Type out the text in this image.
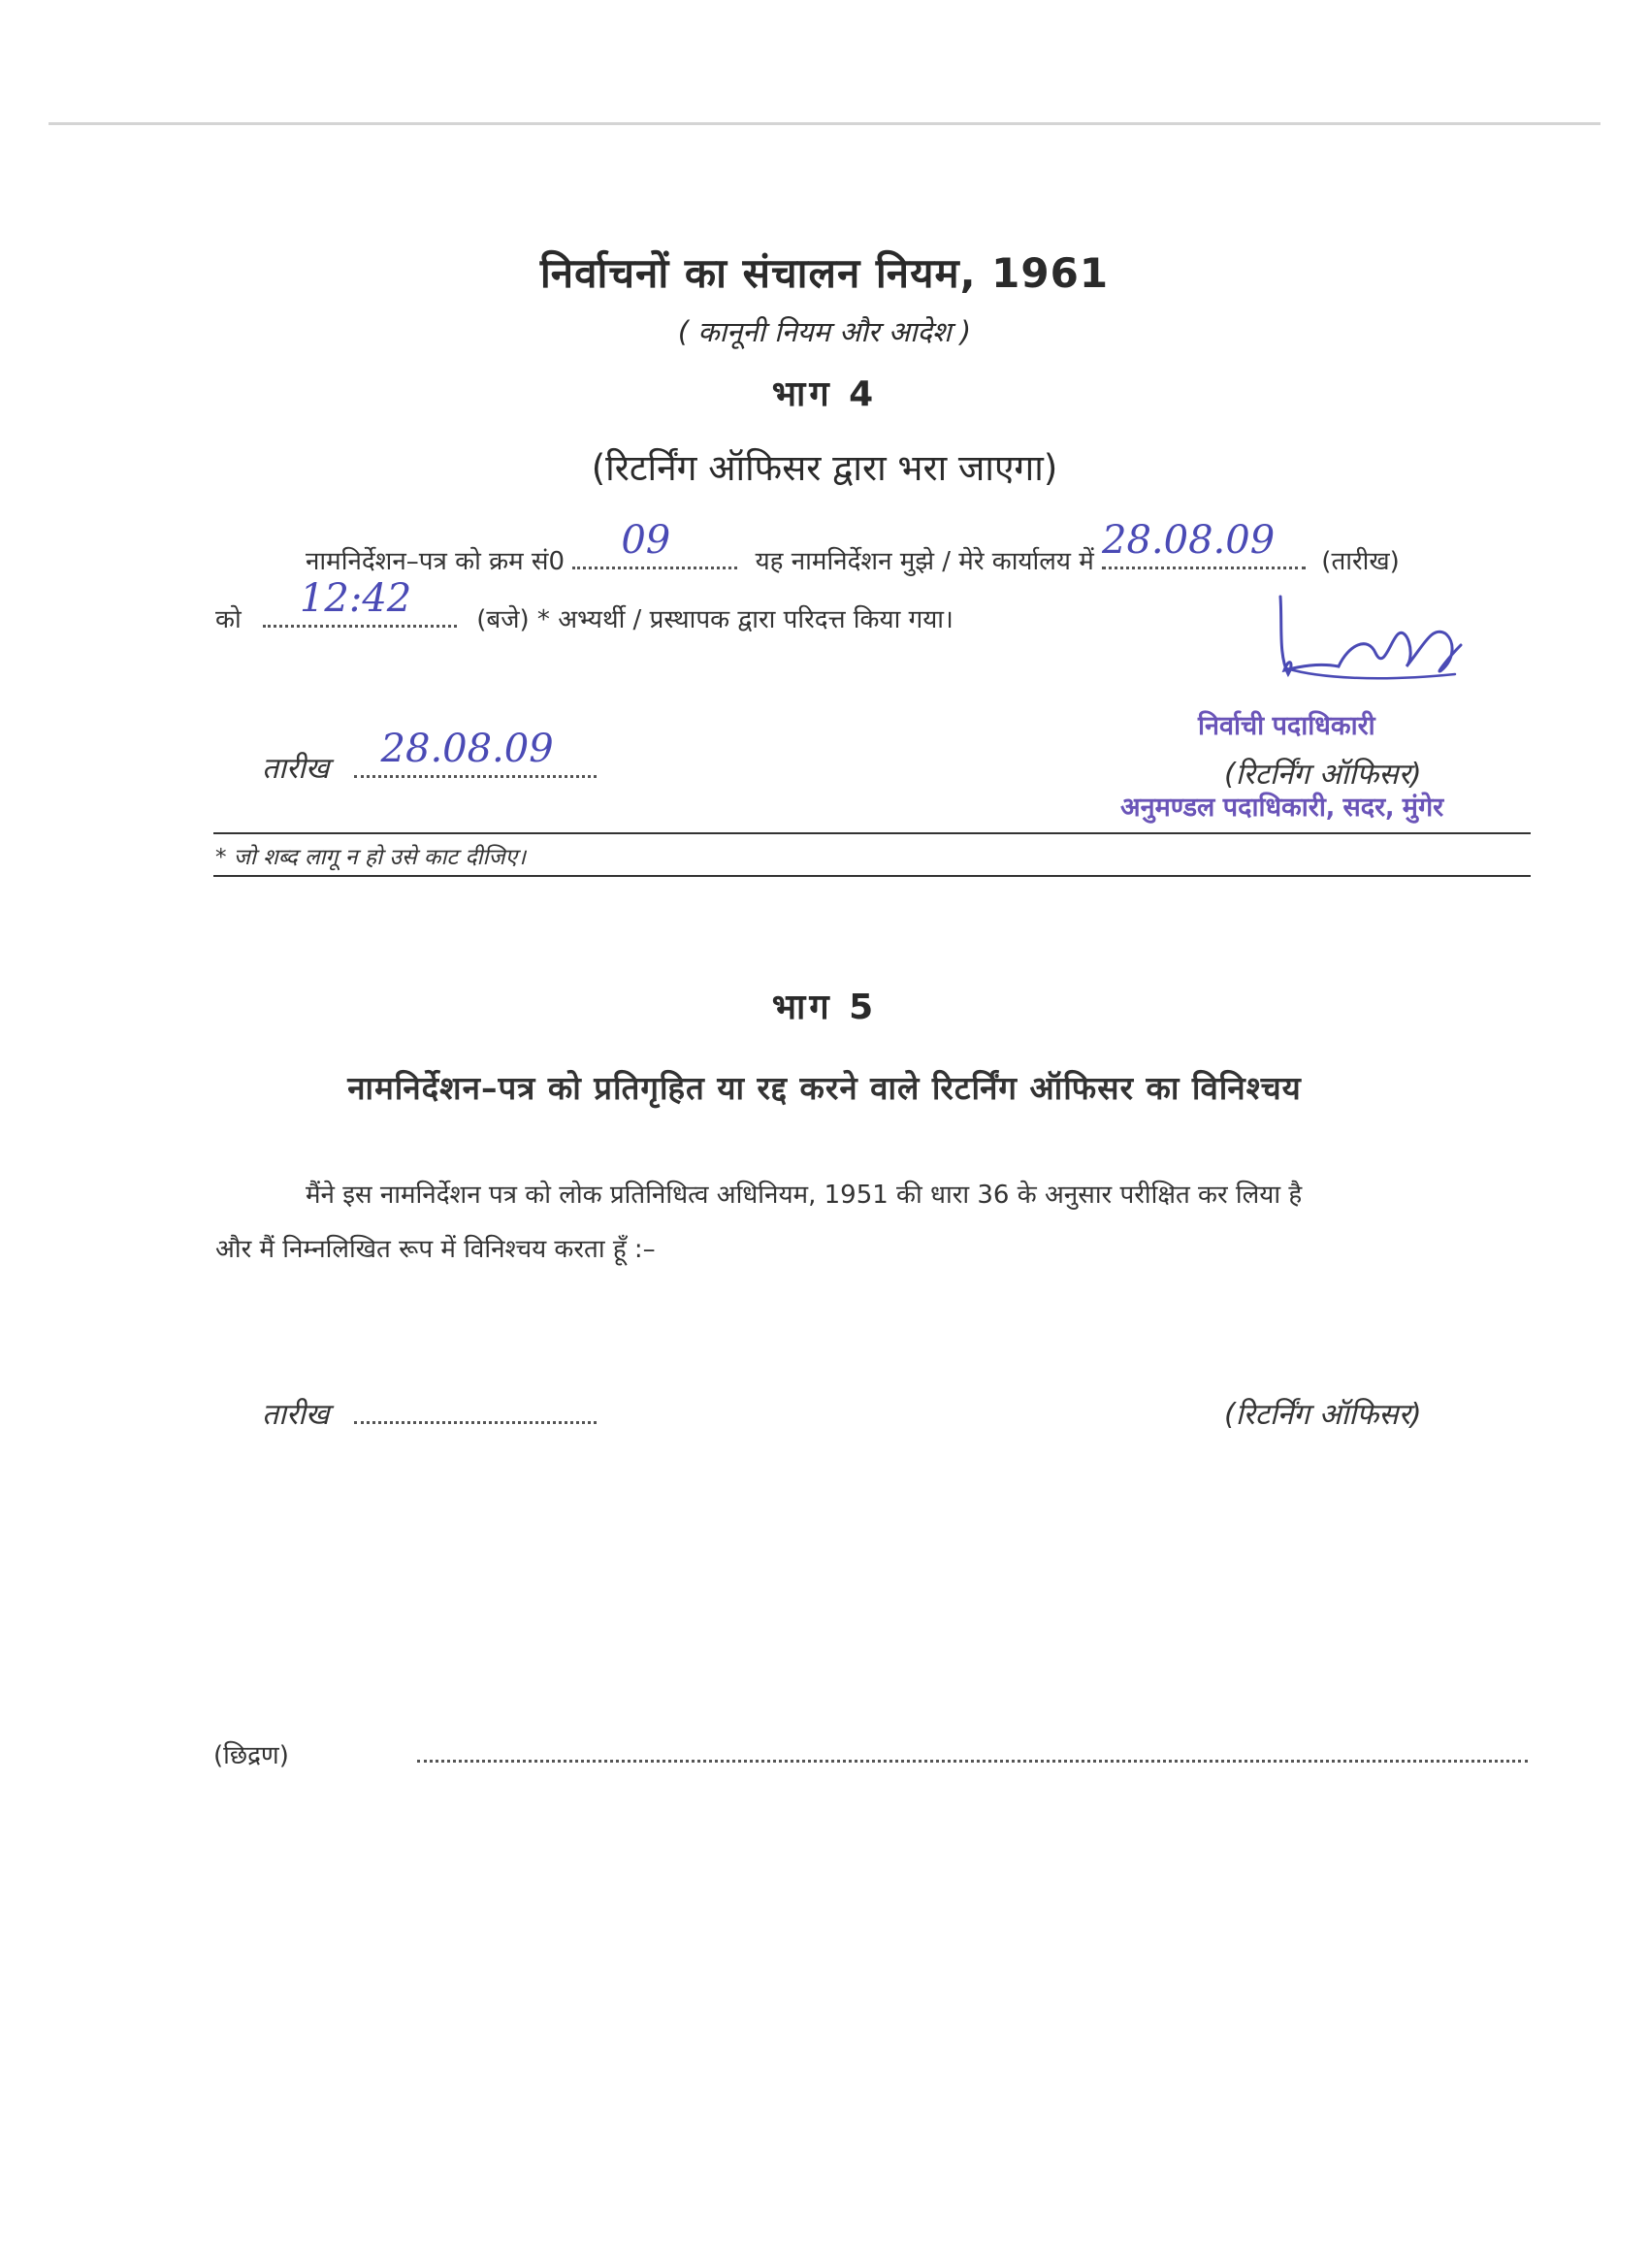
निर्वाचनों का संचालन नियम, 1961
( कानूनी नियम और आदेश )
भाग 4
(रिटर्निंग ऑफिसर द्वारा भरा जाएगा)
नामनिर्देशन–पत्र को क्रम सं0 09	यह नामनिर्देशन मुझे / मेरे कार्यालय में 28.08.09 (तारीख)
को 12:42	(बजे) * अभ्यर्थी / प्रस्थापक द्वारा परिदत्त किया गया।
निर्वाची पदाधिकारी
तारीख 28.08.09
(रिटर्निंग ऑफिसर)
अनुमण्डल पदाधिकारी, सदर, मुंगेर
* जो शब्द लागू न हो उसे काट दीजिए।
भाग 5
नामनिर्देशन–पत्र को प्रतिगृहित या रद्द करने वाले रिटर्निंग ऑफिसर का विनिश्चय
मैंने इस नामनिर्देशन पत्र को लोक प्रतिनिधित्व अधिनियम, 1951 की धारा 36 के अनुसार परीक्षित कर लिया है
और मैं निम्नलिखित रूप में विनिश्चय करता हूँ :–
तारीख	(रिटर्निंग ऑफिसर)
(छिद्रण)
